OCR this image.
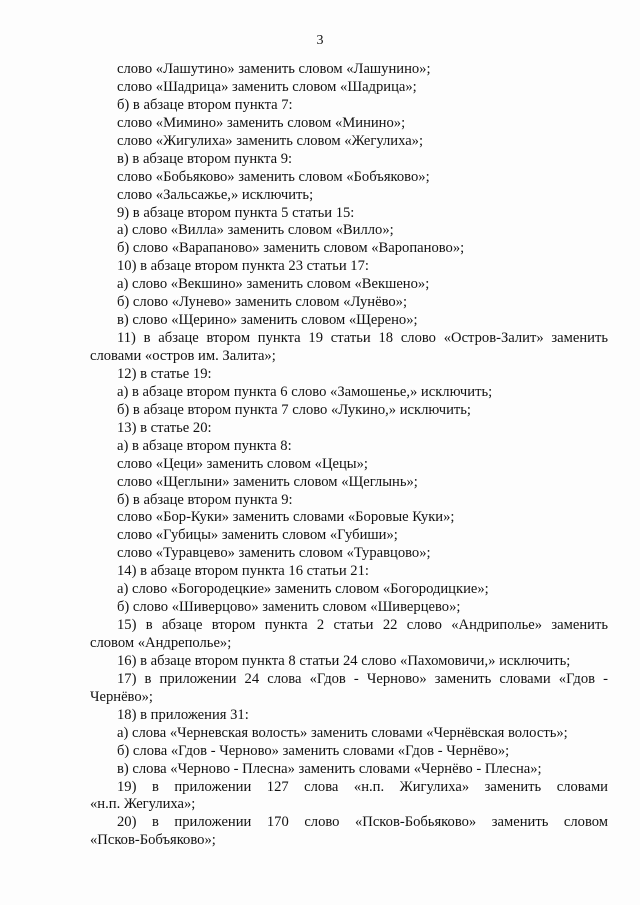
3
слово «Лашутино» заменить словом «Лашунино»;
слово «Шадрица» заменить словом «Шадрица»;
б) в абзаце втором пункта 7:
слово «Мимино» заменить словом «Минино»;
слово «Жигулиха» заменить словом «Жегулиха»;
в) в абзаце втором пункта 9:
слово «Бобьяково» заменить словом «Бобъяково»;
слово «Зальсажье,» исключить;
9) в абзаце втором пункта 5 статьи 15:
а) слово «Вилла» заменить словом «Вилло»;
б) слово «Варапаново» заменить словом «Варопаново»;
10) в абзаце втором пункта 23 статьи 17:
а) слово «Векшино» заменить словом «Векшено»;
б) слово «Лунево» заменить словом «Лунёво»;
в) слово «Щерино» заменить словом «Щерено»;
11) в абзаце втором пункта 19 статьи 18 слово «Остров-Залит» заменить
словами «остров им. Залита»;
12) в статье 19:
а) в абзаце втором пункта 6 слово «Замошенье,» исключить;
б) в абзаце втором пункта 7 слово «Лукино,» исключить;
13) в статье 20:
а) в абзаце втором пункта 8:
слово «Цеци» заменить словом «Цецы»;
слово «Щеглыни» заменить словом «Щеглынь»;
б) в абзаце втором пункта 9:
слово «Бор-Куки» заменить словами «Боровые Куки»;
слово «Губицы» заменить словом «Губиши»;
слово «Туравцево» заменить словом «Туравцово»;
14) в абзаце втором пункта 16 статьи 21:
а) слово «Богородецкие» заменить словом «Богородицкие»;
б) слово «Шиверцово» заменить словом «Шиверцево»;
15) в абзаце втором пункта 2 статьи 22 слово «Андриполье» заменить
словом «Андреполье»;
16) в абзаце втором пункта 8 статьи 24 слово «Пахомовичи,» исключить;
17) в приложении 24 слова «Гдов - Черново» заменить словами «Гдов -
Чернёво»;
18) в приложения 31:
а) слова «Черневская волость» заменить словами «Чернёвская волость»;
б) слова «Гдов - Черново» заменить словами «Гдов - Чернёво»;
в) слова «Черново - Плесна» заменить словами «Чернёво - Плесна»;
19) в приложении 127 слова «н.п. Жигулиха» заменить словами
«н.п. Жегулиха»;
20) в приложении 170 слово «Псков-Бобьяково» заменить словом
«Псков-Бобъяково»;
